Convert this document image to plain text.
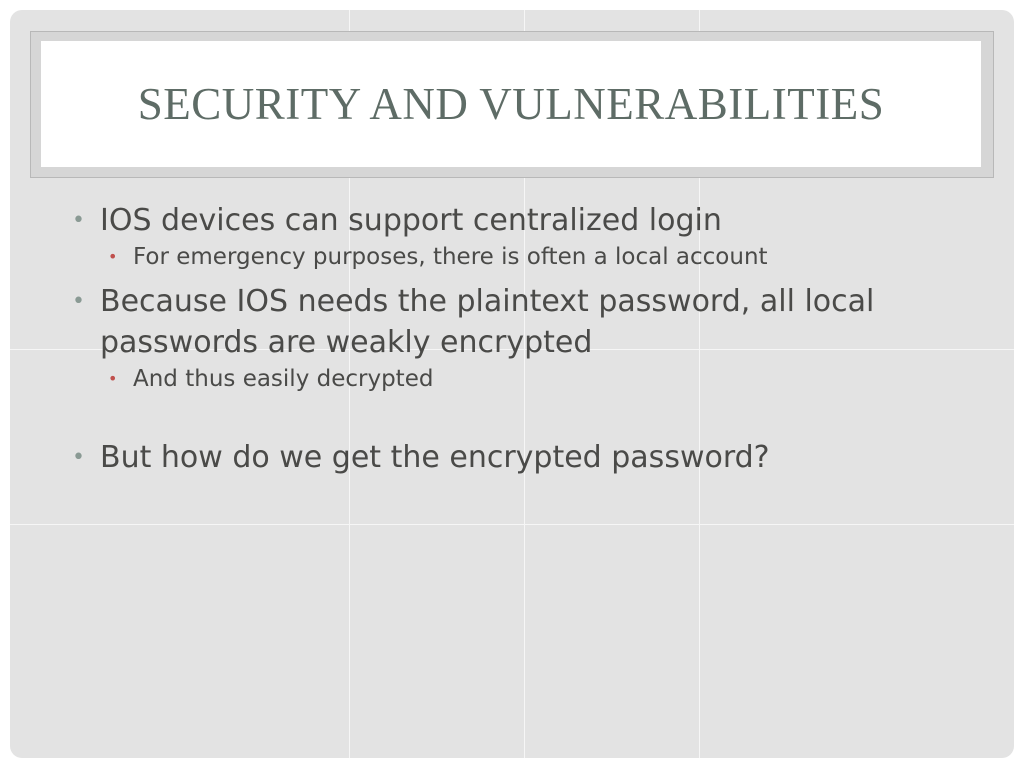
SECURITY AND VULNERABILITIES

• IOS devices can support centralized login

• For emergency purposes, there is often a local account

• Because IOS needs the plaintext password, all local passwords are weakly encrypted

• And thus easily decrypted

• But how do we get the encrypted password?
